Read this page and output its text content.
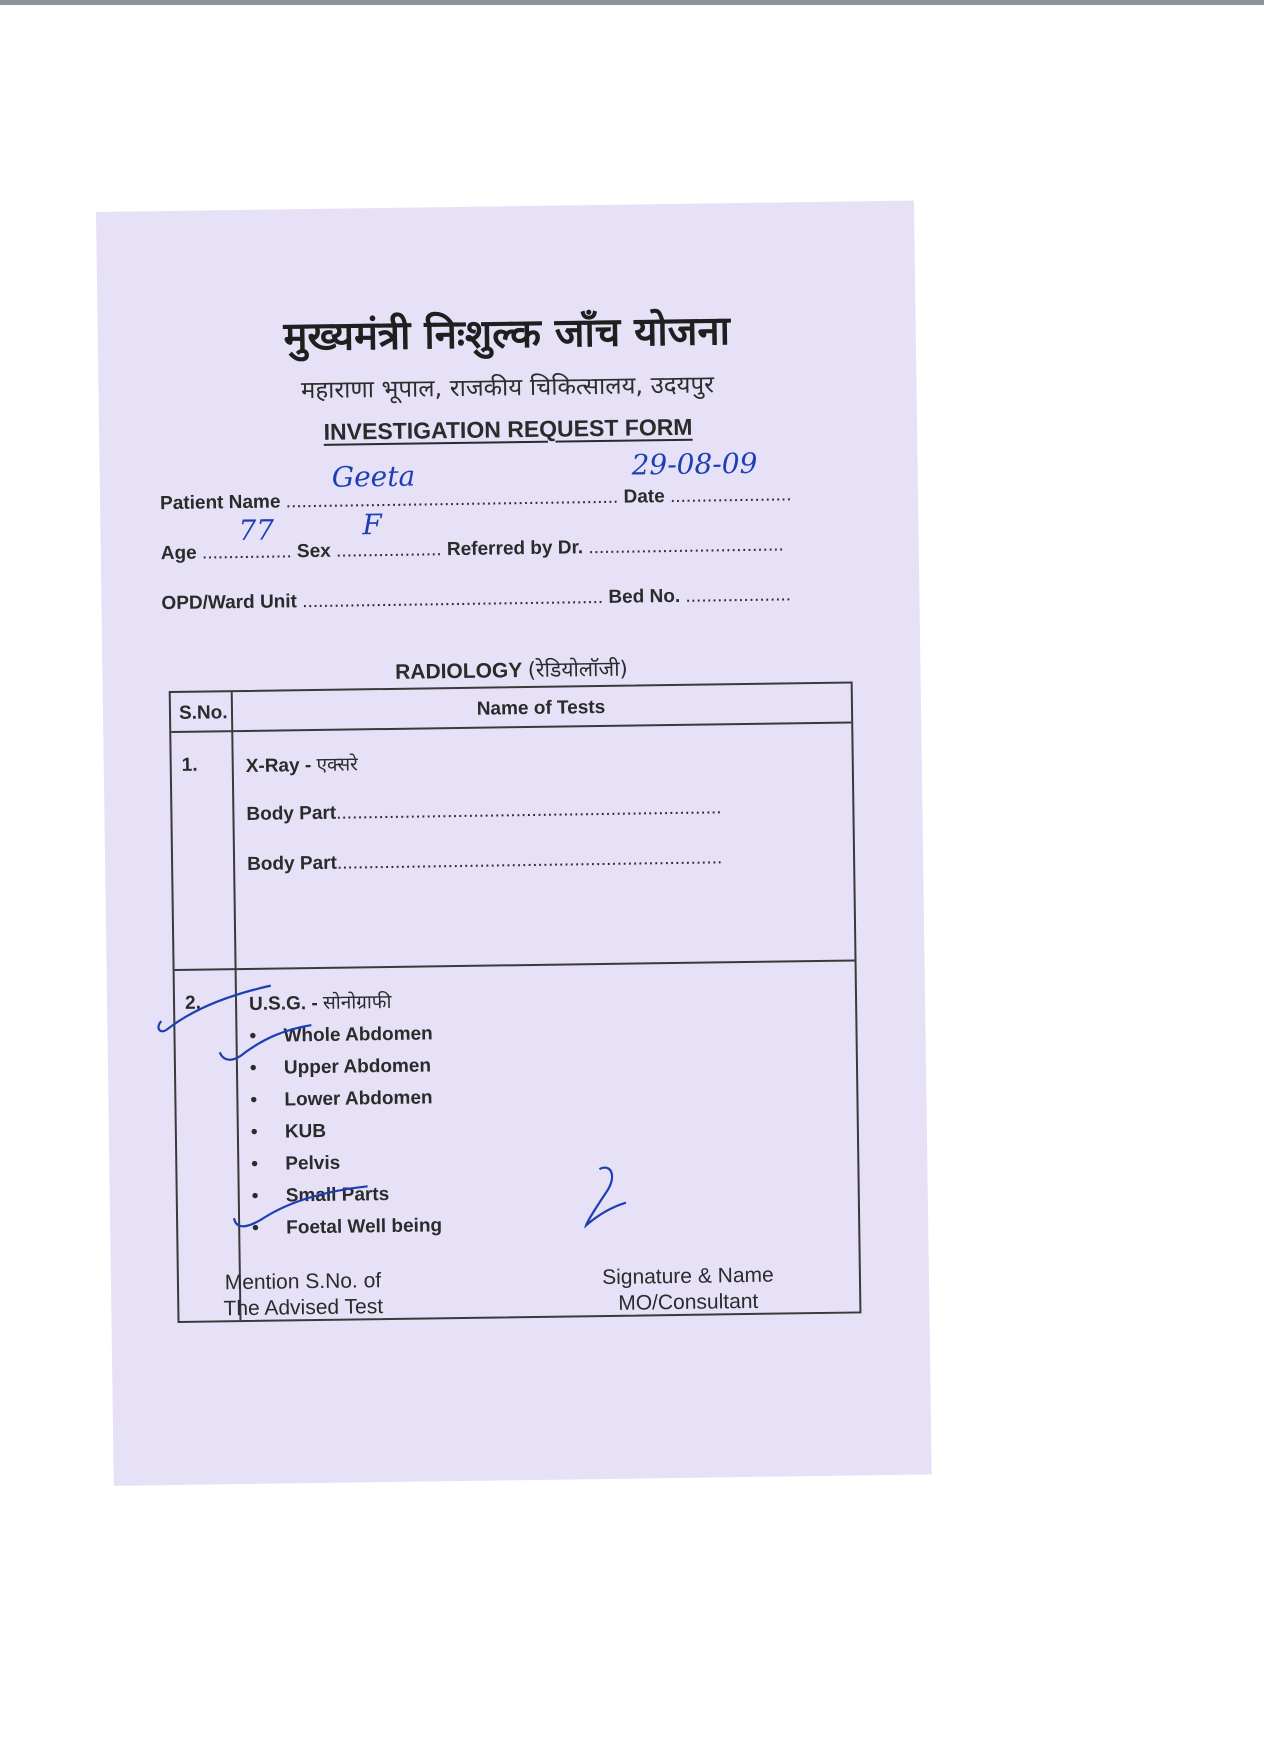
मुख्यमंत्री निःशुल्क जाँच योजना
महाराणा भूपाल, राजकीय चिकित्सालय, उदयपुर
INVESTIGATION REQUEST FORM
Patient Name ............................................................... Date .......................
Geeta	29-08-09
Age ................. Sex .................... Referred by Dr. .....................................
77	F
OPD/Ward Unit ......................................................... Bed No. ....................
RADIOLOGY (रेडियोलॉजी)
S.No.	Name of Tests
1.	X-Ray - एक्सरे
Body Part.........................................................................
Body Part.........................................................................
2.	U.S.G. - सोनोग्राफी
• Whole Abdomen
• Upper Abdomen
• Lower Abdomen
• KUB
• Pelvis
• Small Parts
• Foetal Well being
Mention S.No. of
The Advised Test
Signature & Name
MO/Consultant
